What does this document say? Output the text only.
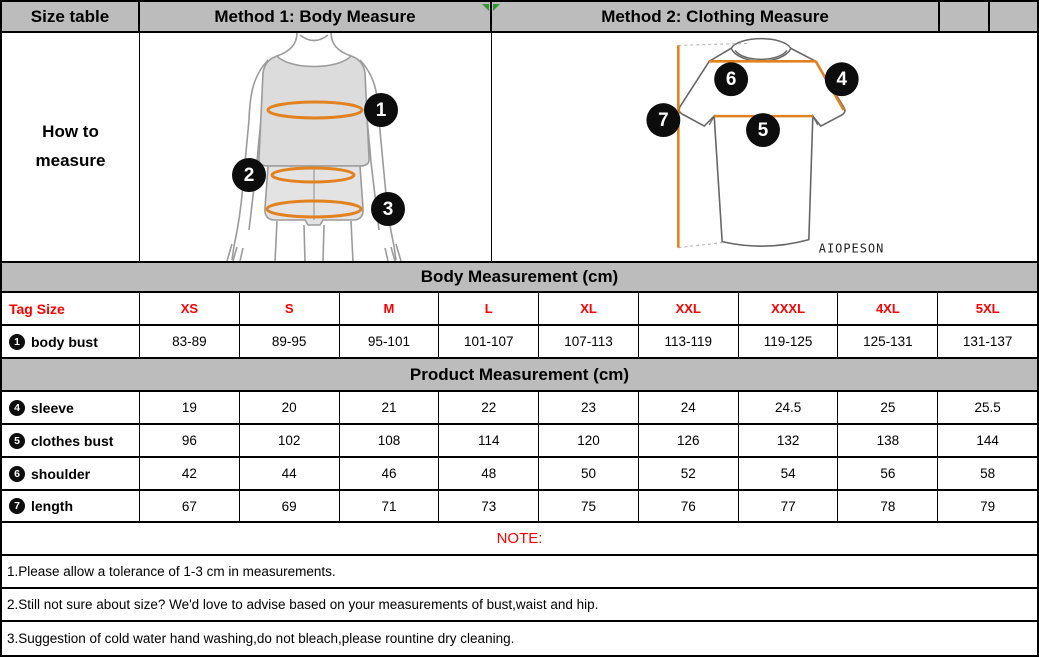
Size table	Method 1: Body Measure	Method 2: Clothing Measure
How to measure
1
2
3
6	4
7	5
AIOPESON
Body Measurement (cm)
Tag Size	XS	S	M	L	XL	XXL	XXXL	4XL	5XL
1 body bust	83-89	89-95	95-101	101-107	107-113	113-119	119-125	125-131	131-137
Product Measurement (cm)
4 sleeve	19	20	21	22	23	24	24.5	25	25.5
5 clothes bust	96	102	108	114	120	126	132	138	144
6 shoulder	42	44	46	48	50	52	54	56	58
7 length	67	69	71	73	75	76	77	78	79
NOTE:
1.Please allow a tolerance of 1-3 cm in measurements.
2.Still not sure about size? We'd love to advise based on your measurements of bust,waist and hip.
3.Suggestion of cold water hand washing,do not bleach,please rountine dry cleaning.
